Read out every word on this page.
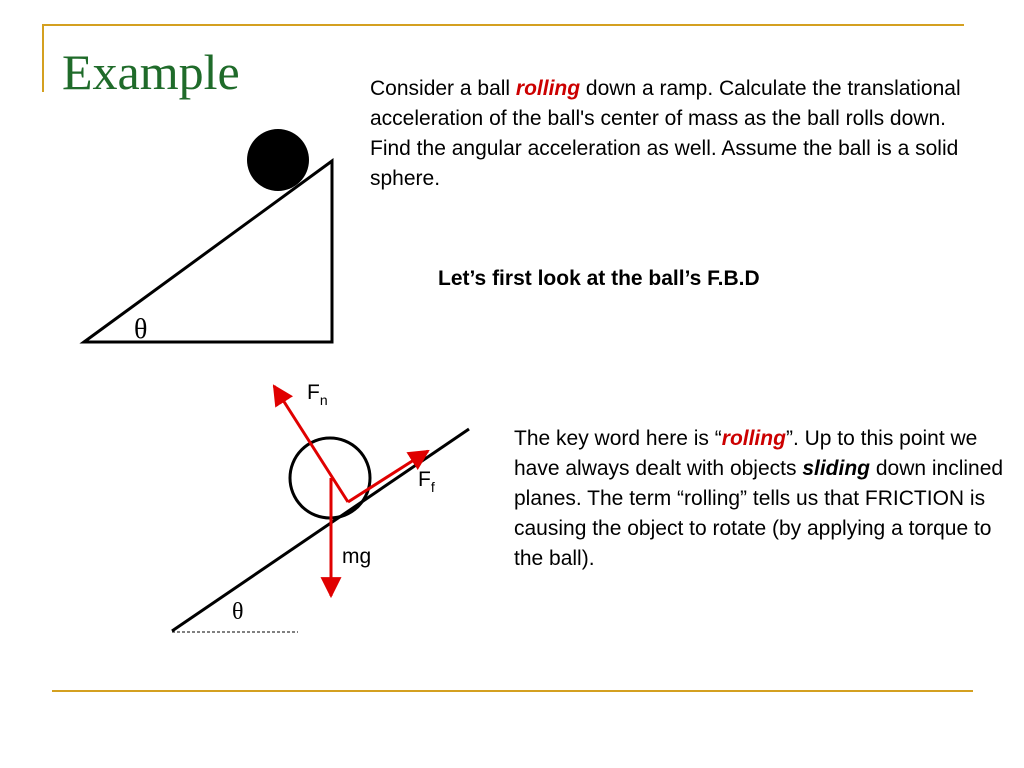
Example	Consider a ball rolling down a ramp. Calculate the translational acceleration of the ball's center of mass as the ball rolls down. Find the angular acceleration as well. Assume the ball is a solid sphere.

Let’s first look at the ball’s F.B.D
θ
$F_n$
$F_f$
mg
θ

The key word here is “rolling”. Up to this point we have always dealt with objects sliding down inclined planes. The term “rolling” tells us that FRICTION is causing the object to rotate (by applying a torque to the ball).
